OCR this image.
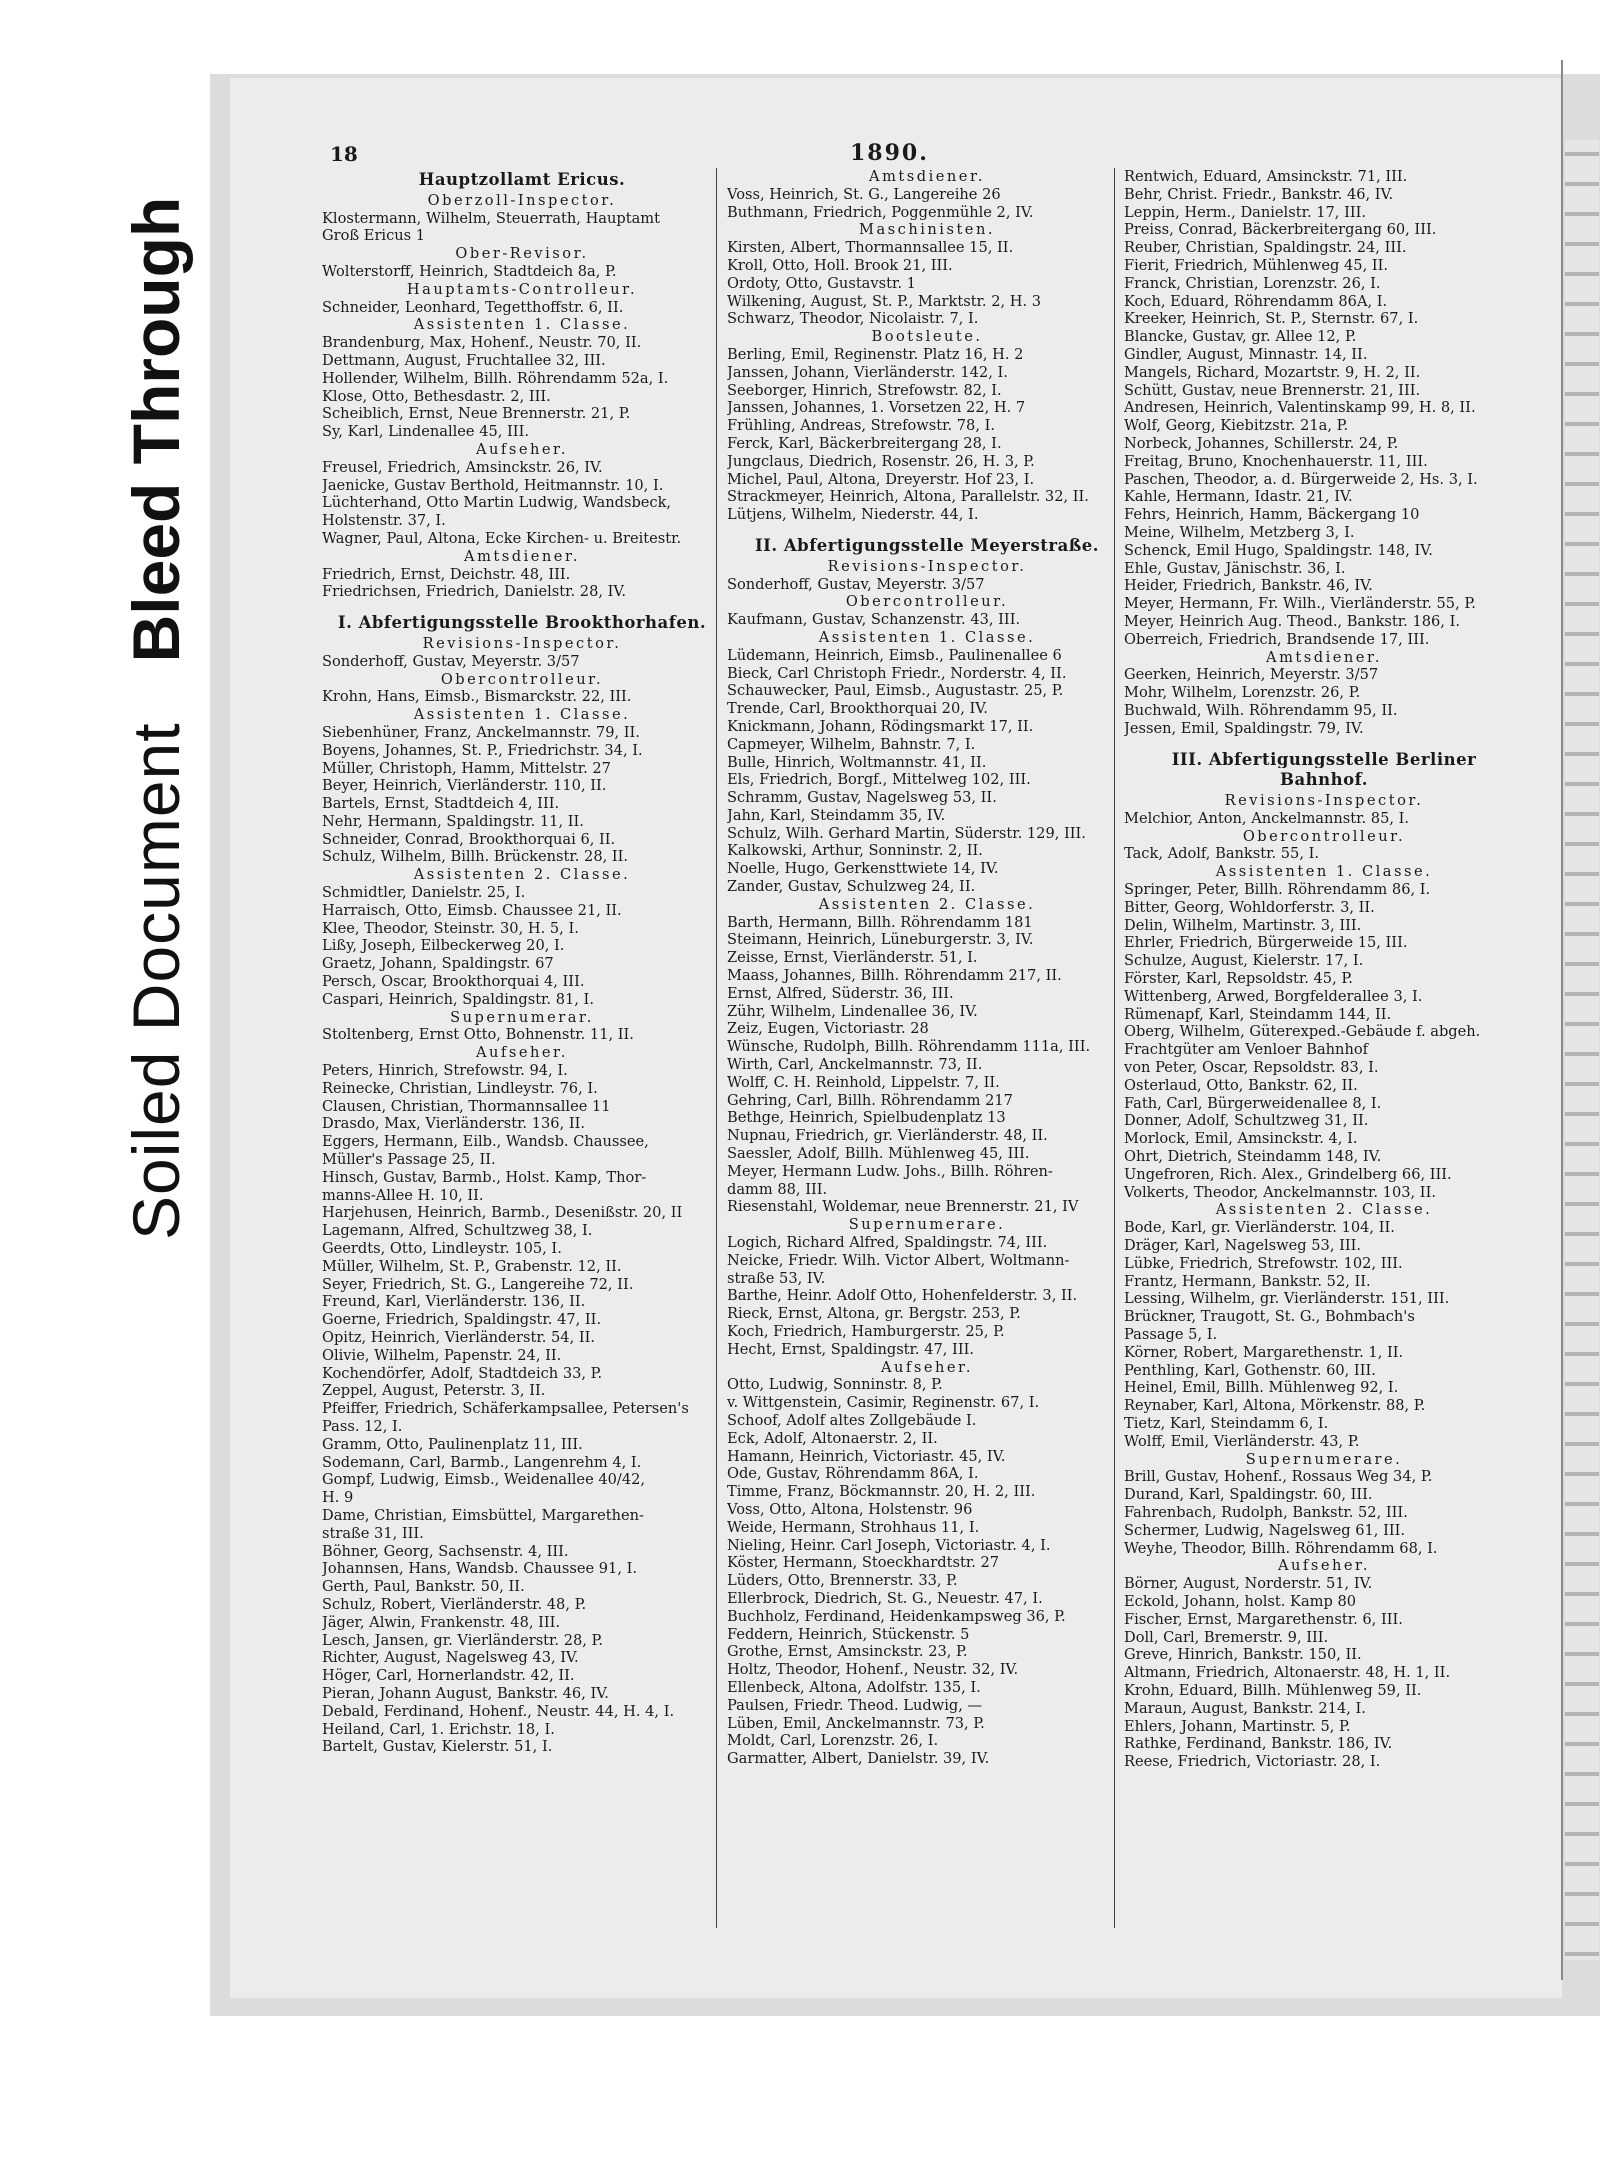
Soiled DocumentBleed Through
18	1890.
Hauptzollamt Ericus.
Oberzoll-Inspector.
Klostermann, Wilhelm, Steuerrath, Hauptamt
Groß Ericus 1
Ober-Revisor.
Wolterstorff, Heinrich, Stadtdeich 8a, P.
Hauptamts-Controlleur.
Schneider, Leonhard, Tegetthoffstr. 6, II.
Assistenten 1. Classe.
Brandenburg, Max, Hohenf., Neustr. 70, II.
Dettmann, August, Fruchtallee 32, III.
Hollender, Wilhelm, Billh. Röhrendamm 52a, I.
Klose, Otto, Bethesdastr. 2, III.
Scheiblich, Ernst, Neue Brennerstr. 21, P.
Sy, Karl, Lindenallee 45, III.
Aufseher.
Freusel, Friedrich, Amsinckstr. 26, IV.
Jaenicke, Gustav Berthold, Heitmannstr. 10, I.
Lüchterhand, Otto Martin Ludwig, Wandsbeck,
Holstenstr. 37, I.
Wagner, Paul, Altona, Ecke Kirchen- u. Breitestr.
Amtsdiener.
Friedrich, Ernst, Deichstr. 48, III.
Friedrichsen, Friedrich, Danielstr. 28, IV.
I. Abfertigungsstelle Brookthorhafen.
Revisions-Inspector.
Sonderhoff, Gustav, Meyerstr. 3/57
Obercontrolleur.
Krohn, Hans, Eimsb., Bismarckstr. 22, III.
Assistenten 1. Classe.
Siebenhüner, Franz, Anckelmannstr. 79, II.
Boyens, Johannes, St. P., Friedrichstr. 34, I.
Müller, Christoph, Hamm, Mittelstr. 27
Beyer, Heinrich, Vierländerstr. 110, II.
Bartels, Ernst, Stadtdeich 4, III.
Nehr, Hermann, Spaldingstr. 11, II.
Schneider, Conrad, Brookthorquai 6, II.
Schulz, Wilhelm, Billh. Brückenstr. 28, II.
Assistenten 2. Classe.
Schmidtler, Danielstr. 25, I.
Harraisch, Otto, Eimsb. Chaussee 21, II.
Klee, Theodor, Steinstr. 30, H. 5, I.
Lißy, Joseph, Eilbeckerweg 20, I.
Graetz, Johann, Spaldingstr. 67
Persch, Oscar, Brookthorquai 4, III.
Caspari, Heinrich, Spaldingstr. 81, I.
Supernumerar.
Stoltenberg, Ernst Otto, Bohnenstr. 11, II.
Aufseher.
Peters, Hinrich, Strefowstr. 94, I.
Reinecke, Christian, Lindleystr. 76, I.
Clausen, Christian, Thormannsallee 11
Drasdo, Max, Vierländerstr. 136, II.
Eggers, Hermann, Eilb., Wandsb. Chaussee,
Müller's Passage 25, II.
Hinsch, Gustav, Barmb., Holst. Kamp, Thor-
manns-Allee H. 10, II.
Harjehusen, Heinrich, Barmb., Desenißstr. 20, II
Lagemann, Alfred, Schultzweg 38, I.
Geerdts, Otto, Lindleystr. 105, I.
Müller, Wilhelm, St. P., Grabenstr. 12, II.
Seyer, Friedrich, St. G., Langereihe 72, II.
Freund, Karl, Vierländerstr. 136, II.
Goerne, Friedrich, Spaldingstr. 47, II.
Opitz, Heinrich, Vierländerstr. 54, II.
Olivie, Wilhelm, Papenstr. 24, II.
Kochendörfer, Adolf, Stadtdeich 33, P.
Zeppel, August, Peterstr. 3, II.
Pfeiffer, Friedrich, Schäferkampsallee, Petersen's
Pass. 12, I.
Gramm, Otto, Paulinenplatz 11, III.
Sodemann, Carl, Barmb., Langenrehm 4, I.
Gompf, Ludwig, Eimsb., Weidenallee 40/42,
H. 9
Dame, Christian, Eimsbüttel, Margarethen-
straße 31, III.
Böhner, Georg, Sachsenstr. 4, III.
Johannsen, Hans, Wandsb. Chaussee 91, I.
Gerth, Paul, Bankstr. 50, II.
Schulz, Robert, Vierländerstr. 48, P.
Jäger, Alwin, Frankenstr. 48, III.
Lesch, Jansen, gr. Vierländerstr. 28, P.
Richter, August, Nagelsweg 43, IV.
Höger, Carl, Hornerlandstr. 42, II.
Pieran, Johann August, Bankstr. 46, IV.
Debald, Ferdinand, Hohenf., Neustr. 44, H. 4, I.
Heiland, Carl, 1. Erichstr. 18, I.
Bartelt, Gustav, Kielerstr. 51, I.
Amtsdiener.
Voss, Heinrich, St. G., Langereihe 26
Buthmann, Friedrich, Poggenmühle 2, IV.
Maschinisten.
Kirsten, Albert, Thormannsallee 15, II.
Kroll, Otto, Holl. Brook 21, III.
Ordoty, Otto, Gustavstr. 1
Wilkening, August, St. P., Marktstr. 2, H. 3
Schwarz, Theodor, Nicolaistr. 7, I.
Bootsleute.
Berling, Emil, Reginenstr. Platz 16, H. 2
Janssen, Johann, Vierländerstr. 142, I.
Seeborger, Hinrich, Strefowstr. 82, I.
Janssen, Johannes, 1. Vorsetzen 22, H. 7
Frühling, Andreas, Strefowstr. 78, I.
Ferck, Karl, Bäckerbreitergang 28, I.
Jungclaus, Diedrich, Rosenstr. 26, H. 3, P.
Michel, Paul, Altona, Dreyerstr. Hof 23, I.
Strackmeyer, Heinrich, Altona, Parallelstr. 32, II.
Lütjens, Wilhelm, Niederstr. 44, I.
II. Abfertigungsstelle Meyerstraße.
Revisions-Inspector.
Sonderhoff, Gustav, Meyerstr. 3/57
Obercontrolleur.
Kaufmann, Gustav, Schanzenstr. 43, III.
Assistenten 1. Classe.
Lüdemann, Heinrich, Eimsb., Paulinenallee 6
Bieck, Carl Christoph Friedr., Norderstr. 4, II.
Schauwecker, Paul, Eimsb., Augustastr. 25, P.
Trende, Carl, Brookthorquai 20, IV.
Knickmann, Johann, Rödingsmarkt 17, II.
Capmeyer, Wilhelm, Bahnstr. 7, I.
Bulle, Hinrich, Woltmannstr. 41, II.
Els, Friedrich, Borgf., Mittelweg 102, III.
Schramm, Gustav, Nagelsweg 53, II.
Jahn, Karl, Steindamm 35, IV.
Schulz, Wilh. Gerhard Martin, Süderstr. 129, III.
Kalkowski, Arthur, Sonninstr. 2, II.
Noelle, Hugo, Gerkensttwiete 14, IV.
Zander, Gustav, Schulzweg 24, II.
Assistenten 2. Classe.
Barth, Hermann, Billh. Röhrendamm 181
Steimann, Heinrich, Lüneburgerstr. 3, IV.
Zeisse, Ernst, Vierländerstr. 51, I.
Maass, Johannes, Billh. Röhrendamm 217, II.
Ernst, Alfred, Süderstr. 36, III.
Zühr, Wilhelm, Lindenallee 36, IV.
Zeiz, Eugen, Victoriastr. 28
Wünsche, Rudolph, Billh. Röhrendamm 111a, III.
Wirth, Carl, Anckelmannstr. 73, II.
Wolff, C. H. Reinhold, Lippelstr. 7, II.
Gehring, Carl, Billh. Röhrendamm 217
Bethge, Heinrich, Spielbudenplatz 13
Nupnau, Friedrich, gr. Vierländerstr. 48, II.
Saessler, Adolf, Billh. Mühlenweg 45, III.
Meyer, Hermann Ludw. Johs., Billh. Röhren-
damm 88, III.
Riesenstahl, Woldemar, neue Brennerstr. 21, IV
Supernumerare.
Logich, Richard Alfred, Spaldingstr. 74, III.
Neicke, Friedr. Wilh. Victor Albert, Woltmann-
straße 53, IV.
Barthe, Heinr. Adolf Otto, Hohenfelderstr. 3, II.
Rieck, Ernst, Altona, gr. Bergstr. 253, P.
Koch, Friedrich, Hamburgerstr. 25, P.
Hecht, Ernst, Spaldingstr. 47, III.
Aufseher.
Otto, Ludwig, Sonninstr. 8, P.
v. Wittgenstein, Casimir, Reginenstr. 67, I.
Schoof, Adolf altes Zollgebäude I.
Eck, Adolf, Altonaerstr. 2, II.
Hamann, Heinrich, Victoriastr. 45, IV.
Ode, Gustav, Röhrendamm 86A, I.
Timme, Franz, Böckmannstr. 20, H. 2, III.
Voss, Otto, Altona, Holstenstr. 96
Weide, Hermann, Strohhaus 11, I.
Nieling, Heinr. Carl Joseph, Victoriastr. 4, I.
Köster, Hermann, Stoeckhardtstr. 27
Lüders, Otto, Brennerstr. 33, P.
Ellerbrock, Diedrich, St. G., Neuestr. 47, I.
Buchholz, Ferdinand, Heidenkampsweg 36, P.
Feddern, Heinrich, Stückenstr. 5
Grothe, Ernst, Amsinckstr. 23, P.
Holtz, Theodor, Hohenf., Neustr. 32, IV.
Ellenbeck, Altona, Adolfstr. 135, I.
Paulsen, Friedr. Theod. Ludwig, —
Lüben, Emil, Anckelmannstr. 73, P.
Moldt, Carl, Lorenzstr. 26, I.
Garmatter, Albert, Danielstr. 39, IV.
Rentwich, Eduard, Amsinckstr. 71, III.
Behr, Christ. Friedr., Bankstr. 46, IV.
Leppin, Herm., Danielstr. 17, III.
Preiss, Conrad, Bäckerbreitergang 60, III.
Reuber, Christian, Spaldingstr. 24, III.
Fierit, Friedrich, Mühlenweg 45, II.
Franck, Christian, Lorenzstr. 26, I.
Koch, Eduard, Röhrendamm 86A, I.
Kreeker, Heinrich, St. P., Sternstr. 67, I.
Blancke, Gustav, gr. Allee 12, P.
Gindler, August, Minnastr. 14, II.
Mangels, Richard, Mozartstr. 9, H. 2, II.
Schütt, Gustav, neue Brennerstr. 21, III.
Andresen, Heinrich, Valentinskamp 99, H. 8, II.
Wolf, Georg, Kiebitzstr. 21a, P.
Norbeck, Johannes, Schillerstr. 24, P.
Freitag, Bruno, Knochenhauerstr. 11, III.
Paschen, Theodor, a. d. Bürgerweide 2, Hs. 3, I.
Kahle, Hermann, Idastr. 21, IV.
Fehrs, Heinrich, Hamm, Bäckergang 10
Meine, Wilhelm, Metzberg 3, I.
Schenck, Emil Hugo, Spaldingstr. 148, IV.
Ehle, Gustav, Jänischstr. 36, I.
Heider, Friedrich, Bankstr. 46, IV.
Meyer, Hermann, Fr. Wilh., Vierländerstr. 55, P.
Meyer, Heinrich Aug. Theod., Bankstr. 186, I.
Oberreich, Friedrich, Brandsende 17, III.
Amtsdiener.
Geerken, Heinrich, Meyerstr. 3/57
Mohr, Wilhelm, Lorenzstr. 26, P.
Buchwald, Wilh. Röhrendamm 95, II.
Jessen, Emil, Spaldingstr. 79, IV.
III. Abfertigungsstelle Berliner
Bahnhof.
Revisions-Inspector.
Melchior, Anton, Anckelmannstr. 85, I.
Obercontrolleur.
Tack, Adolf, Bankstr. 55, I.
Assistenten 1. Classe.
Springer, Peter, Billh. Röhrendamm 86, I.
Bitter, Georg, Wohldorferstr. 3, II.
Delin, Wilhelm, Martinstr. 3, III.
Ehrler, Friedrich, Bürgerweide 15, III.
Schulze, August, Kielerstr. 17, I.
Förster, Karl, Repsoldstr. 45, P.
Wittenberg, Arwed, Borgfelderallee 3, I.
Rümenapf, Karl, Steindamm 144, II.
Oberg, Wilhelm, Güterexped.-Gebäude f. abgeh.
Frachtgüter am Venloer Bahnhof
von Peter, Oscar, Repsoldstr. 83, I.
Osterlaud, Otto, Bankstr. 62, II.
Fath, Carl, Bürgerweidenallee 8, I.
Donner, Adolf, Schultzweg 31, II.
Morlock, Emil, Amsinckstr. 4, I.
Ohrt, Dietrich, Steindamm 148, IV.
Ungefroren, Rich. Alex., Grindelberg 66, III.
Volkerts, Theodor, Anckelmannstr. 103, II.
Assistenten 2. Classe.
Bode, Karl, gr. Vierländerstr. 104, II.
Dräger, Karl, Nagelsweg 53, III.
Lübke, Friedrich, Strefowstr. 102, III.
Frantz, Hermann, Bankstr. 52, II.
Lessing, Wilhelm, gr. Vierländerstr. 151, III.
Brückner, Traugott, St. G., Bohmbach's
Passage 5, I.
Körner, Robert, Margarethenstr. 1, II.
Penthling, Karl, Gothenstr. 60, III.
Heinel, Emil, Billh. Mühlenweg 92, I.
Reynaber, Karl, Altona, Mörkenstr. 88, P.
Tietz, Karl, Steindamm 6, I.
Wolff, Emil, Vierländerstr. 43, P.
Supernumerare.
Brill, Gustav, Hohenf., Rossaus Weg 34, P.
Durand, Karl, Spaldingstr. 60, III.
Fahrenbach, Rudolph, Bankstr. 52, III.
Schermer, Ludwig, Nagelsweg 61, III.
Weyhe, Theodor, Billh. Röhrendamm 68, I.
Aufseher.
Börner, August, Norderstr. 51, IV.
Eckold, Johann, holst. Kamp 80
Fischer, Ernst, Margarethenstr. 6, III.
Doll, Carl, Bremerstr. 9, III.
Greve, Hinrich, Bankstr. 150, II.
Altmann, Friedrich, Altonaerstr. 48, H. 1, II.
Krohn, Eduard, Billh. Mühlenweg 59, II.
Maraun, August, Bankstr. 214, I.
Ehlers, Johann, Martinstr. 5, P.
Rathke, Ferdinand, Bankstr. 186, IV.
Reese, Friedrich, Victoriastr. 28, I.
